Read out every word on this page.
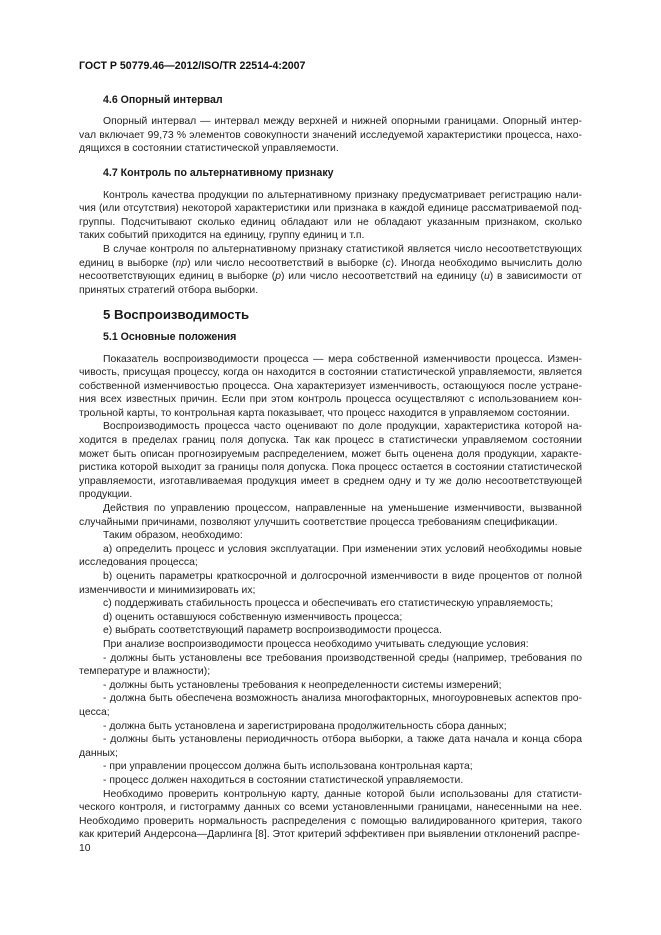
ГОСТ Р 50779.46—2012/ISO/TR 22514-4:2007
4.6 Опорный интервал

Опорный интервал — интервал между верхней и нижней опорными границами. Опорный интерvал включает 99,73 % элементов совокупности значений исследуемой характеристики процесса, находящихся в состоянии статистической управляемости.

4.7 Контроль по альтернативному признаку

Контроль качества продукции по альтернативному признаку предусматривает регистрацию наличия (или отсутствия) некоторой характеристики или признака в каждой единице рассматриваемой подгруппы. Подсчитывают сколько единиц обладают или не обладают указанным признаком, сколько таких событий приходится на единицу, группу единиц и т.п.

В случае контроля по альтернативному признаку статистикой является число несоответствующих единиц в выборке (np) или число несоответствий в выборке (c). Иногда необходимо вычислить долю несоответствующих единиц в выборке (p) или число несоответствий на единицу (u) в зависимости от принятых стратегий отбора выборки.

5 Воспроизводимость
5.1 Основные положения

Показатель воспроизводимости процесса — мера собственной изменчивости процесса. Изменчивость, присущая процессу, когда он находится в состоянии статистической управляемости, является собственной изменчивостью процесса. Она характеризует изменчивость, остающуюся после устранения всех известных причин. Если при этом контроль процесса осуществляют с использованием контрольной карты, то контрольная карта показывает, что процесс находится в управляемом состоянии.

Воспроизводимость процесса часто оценивают по доле продукции, характеристика которой находится в пределах границ поля допуска. Так как процесс в статистически управляемом состоянии может быть описан прогнозируемым распределением, может быть оценена доля продукции, характеристика которой выходит за границы поля допуска. Пока процесс остается в состоянии статистической управляемости, изготавливаемая продукция имеет в среднем одну и ту же долю несоответствующей продукции.

Действия по управлению процессом, направленные на уменьшение изменчивости, вызванной случайными причинами, позволяют улучшить соответствие процесса требованиям спецификации.

Таким образом, необходимо:

a) определить процесс и условия эксплуатации. При изменении этих условий необходимы новые исследования процесса;

b) оценить параметры краткосрочной и долгосрочной изменчивости в виде процентов от полной изменчивости и минимизировать их;

c) поддерживать стабильность процесса и обеспечивать его статистическую управляемость;

d) оценить оставшуюся собственную изменчивость процесса;

e) выбрать соответствующий параметр воспроизводимости процесса.

При анализе воспроизводимости процесса необходимо учитывать следующие условия:

- должны быть установлены все требования производственной среды (например, требования по температуре и влажности);

- должны быть установлены требования к неопределенности системы измерений;

- должна быть обеспечена возможность анализа многофакторных, многоуровневых аспектов процесса;

- должна быть установлена и зарегистрирована продолжительность сбора данных;

- должны быть установлены периодичность отбора выборки, а также дата начала и конца сбора данных;

- при управлении процессом должна быть использована контрольная карта;

- процесс должен находиться в состоянии статистической управляемости.

Необходимо проверить контрольную карту, данные которой были использованы для статистического контроля, и гистограмму данных со всеми установленными границами, нанесенными на нее. Необходимо проверить нормальность распределения с помощью валидированного критерия, такого как критерий Андерсона—Дарлинга [8]. Этот критерий эффективен при выявлении отклонений распре-

10
